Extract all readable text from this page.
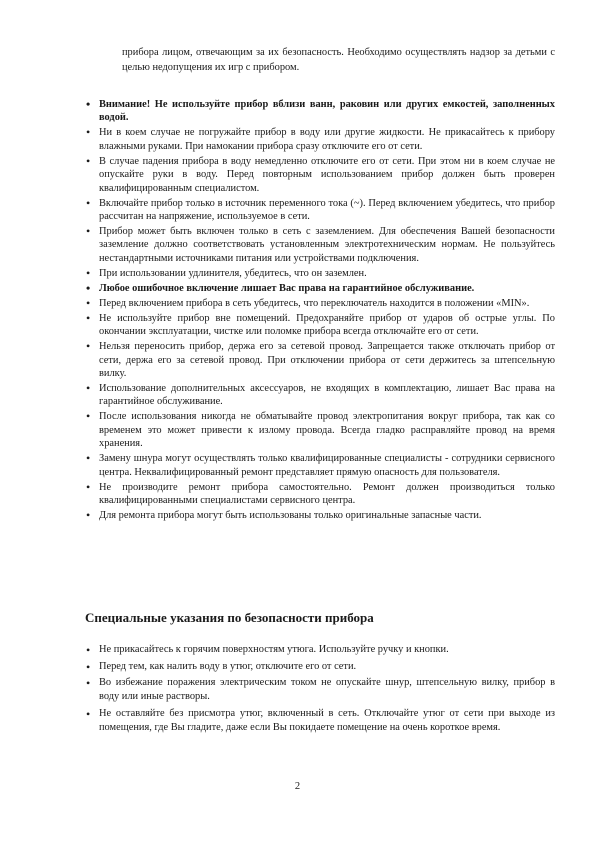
прибора лицом, отвечающим за их безопасность. Необходимо осуществлять надзор за детьми с целью недопущения их игр с прибором.

• Внимание! Не используйте прибор вблизи ванн, раковин или других емкостей, заполненных водой.
• Ни в коем случае не погружайте прибор в воду или другие жидкости. Не прикасайтесь к прибору влажными руками. При намокании прибора сразу отключите его от сети.
• В случае падения прибора в воду немедленно отключите его от сети. При этом ни в коем случае не опускайте руки в воду. Перед повторным использованием прибор должен быть проверен квалифицированным специалистом.
• Включайте прибор только в источник переменного тока (~). Перед включением убедитесь, что прибор рассчитан на напряжение, используемое в сети.
• Прибор может быть включен только в сеть с заземлением. Для обеспечения Вашей безопасности заземление должно соответствовать установленным электротехническим нормам. Не пользуйтесь нестандартными источниками питания или устройствами подключения.
• При использовании удлинителя, убедитесь, что он заземлен.
• Любое ошибочное включение лишает Вас права на гарантийное обслуживание.
• Перед включением прибора в сеть убедитесь, что переключатель находится в положении «MIN».
• Не используйте прибор вне помещений. Предохраняйте прибор от ударов об острые углы. По окончании эксплуатации, чистке или поломке прибора всегда отключайте его от сети.
• Нельзя переносить прибор, держа его за сетевой провод. Запрещается также отключать прибор от сети, держа его за сетевой провод. При отключении прибора от сети держитесь за штепсельную вилку.
• Использование дополнительных аксессуаров, не входящих в комплектацию, лишает Вас права на гарантийное обслуживание.
• После использования никогда не обматывайте провод электропитания вокруг прибора, так как со временем это может привести к излому провода. Всегда гладко расправляйте провод на время хранения.
• Замену шнура могут осуществлять только квалифицированные специалисты - сотрудники сервисного центра. Неквалифицированный ремонт представляет прямую опасность для пользователя.
• Не производите ремонт прибора самостоятельно. Ремонт должен производиться только квалифицированными специалистами сервисного центра.
• Для ремонта прибора могут быть использованы только оригинальные запасные части.
Специальные указания по безопасности прибора
• Не прикасайтесь к горячим поверхностям утюга. Используйте ручку и кнопки.
• Перед тем, как налить воду в утюг, отключите его от сети.
• Во избежание поражения электрическим током не опускайте шнур, штепсельную вилку, прибор в воду или иные растворы.
• Не оставляйте без присмотра утюг, включенный в сеть. Отключайте утюг от сети при выходе из помещения, где Вы гладите, даже если Вы покидаете помещение на очень короткое время.

2
